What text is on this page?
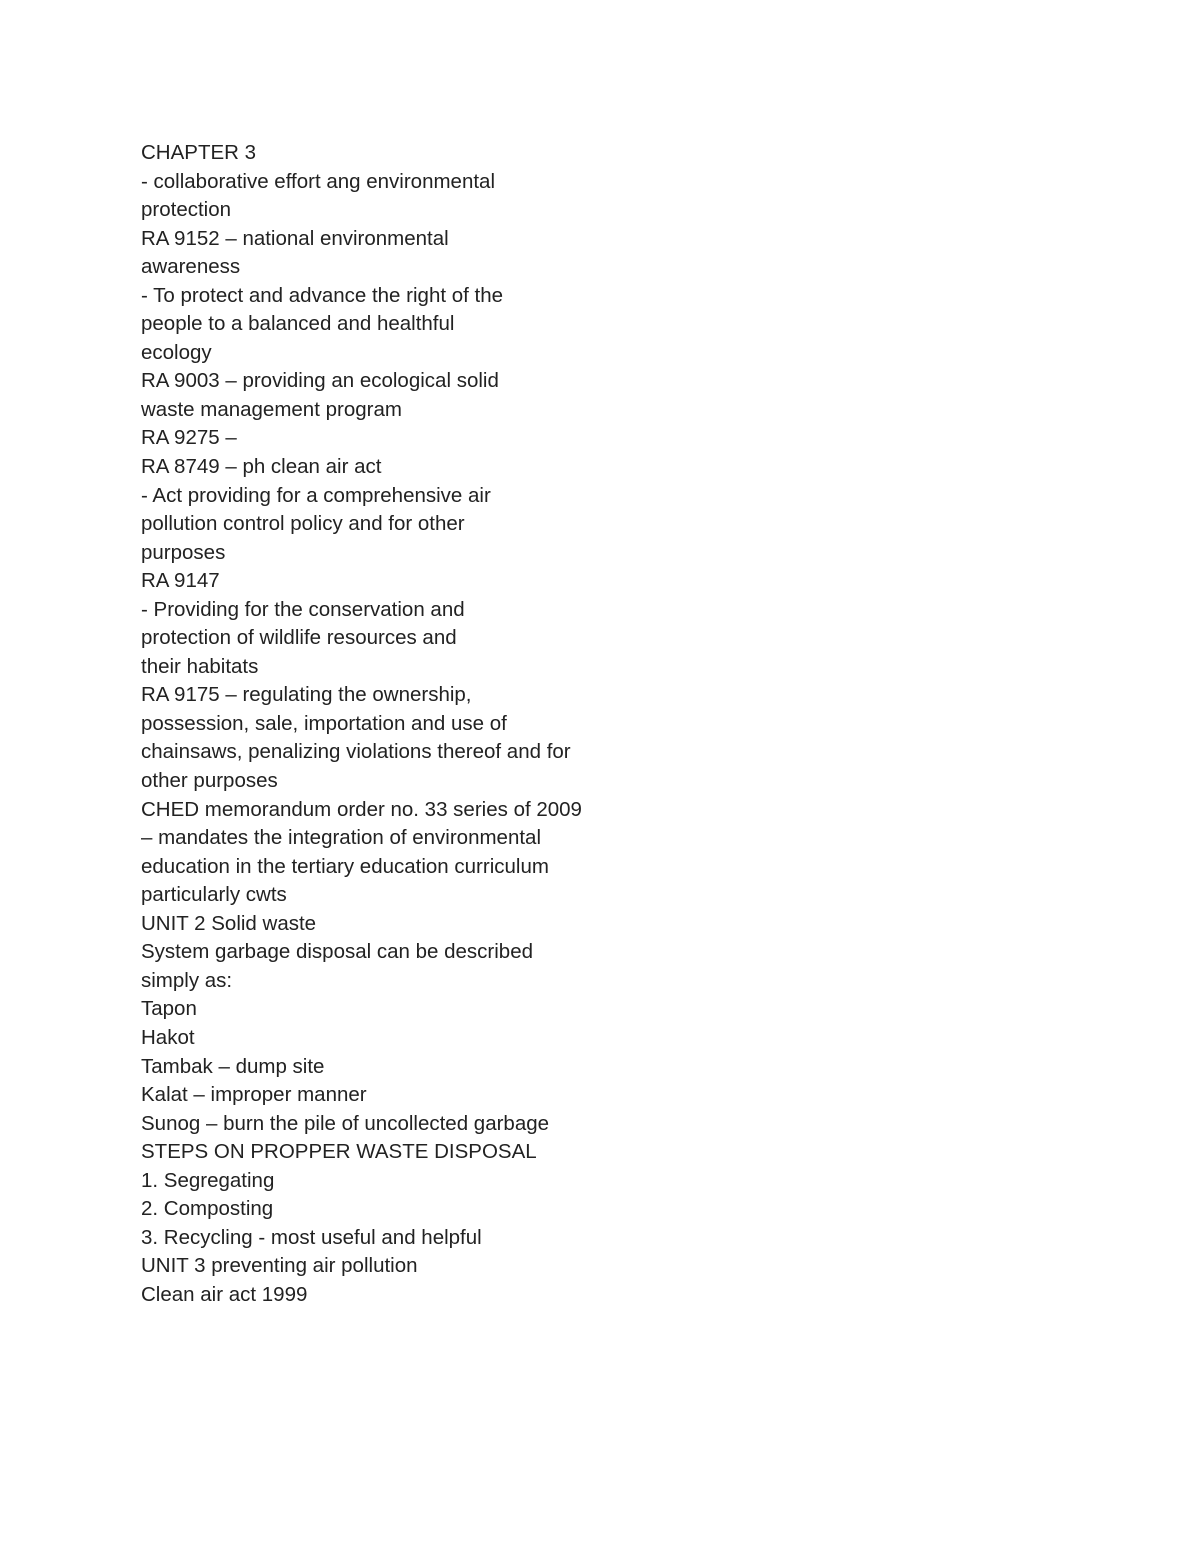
CHAPTER 3
- collaborative effort ang environmental
protection
RA 9152 – national environmental
awareness
- To protect and advance the right of the
people to a balanced and healthful
ecology
RA 9003 – providing an ecological solid
waste management program
RA 9275 –
RA 8749 – ph clean air act
- Act providing for a comprehensive air
pollution control policy and for other
purposes
RA 9147
- Providing for the conservation and
protection of wildlife resources and
their habitats
RA 9175 – regulating the ownership,
possession, sale, importation and use of
chainsaws, penalizing violations thereof and for
other purposes
CHED memorandum order no. 33 series of 2009
– mandates the integration of environmental
education in the tertiary education curriculum
particularly cwts
UNIT 2 Solid waste
System garbage disposal can be described
simply as:
Tapon
Hakot
Tambak – dump site
Kalat – improper manner
Sunog – burn the pile of uncollected garbage
STEPS ON PROPPER WASTE DISPOSAL
1. Segregating
2. Composting
3. Recycling - most useful and helpful
UNIT 3 preventing air pollution
Clean air act 1999
